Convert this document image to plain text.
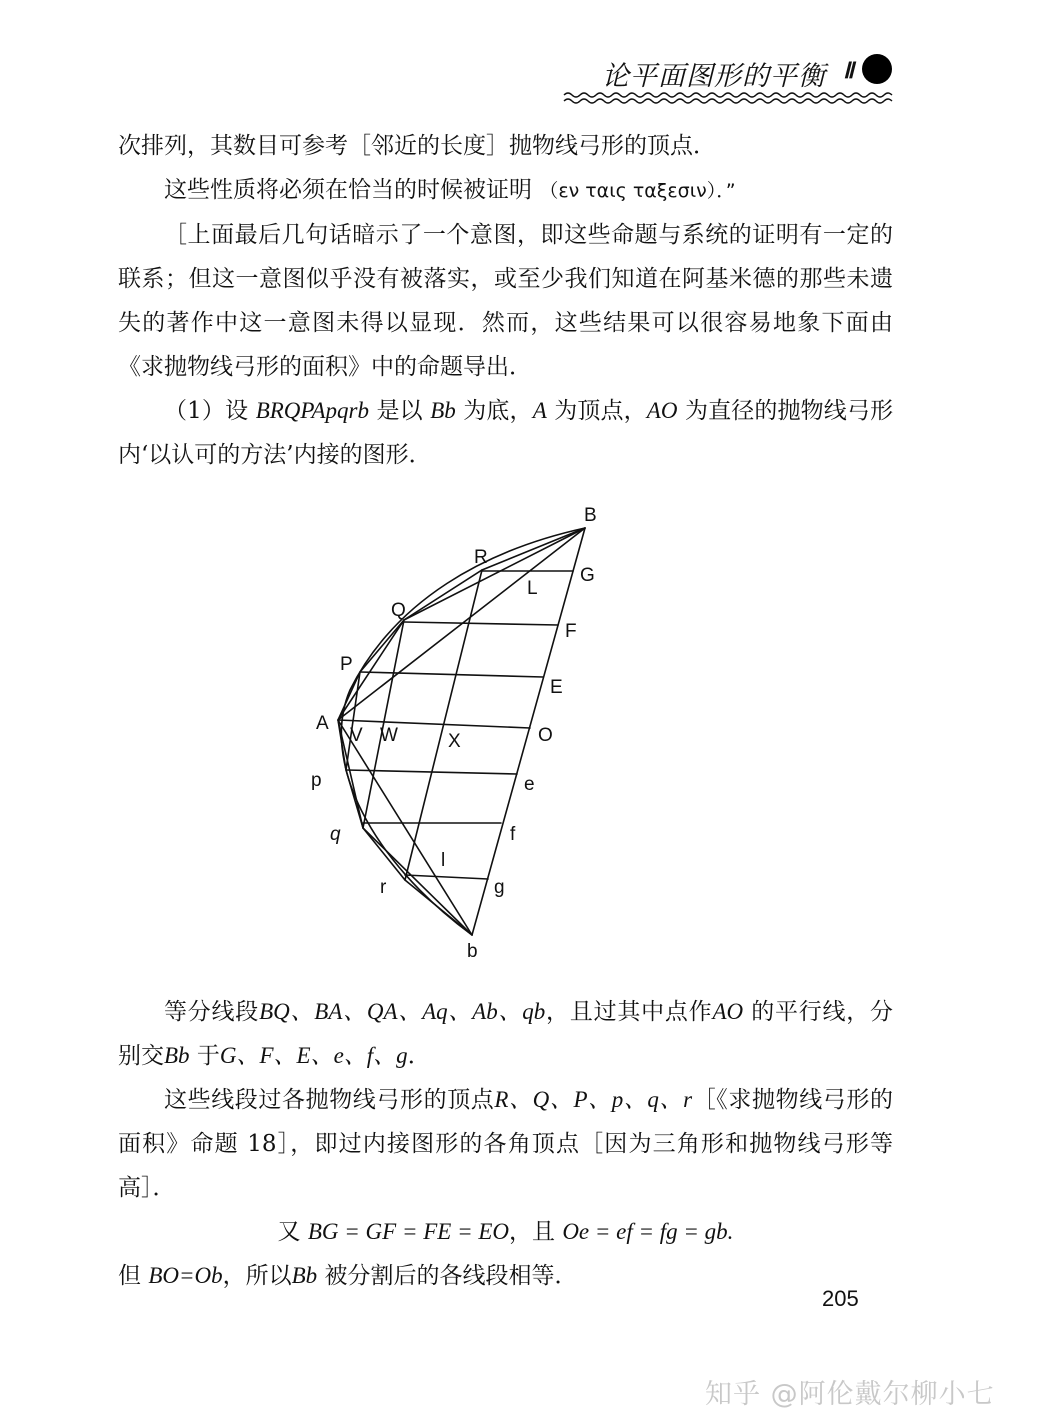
论平面图形的平衡 Ⅱ

次排列，其数目可参考［邻近的长度］抛物线弓形的顶点．

这些性质将必须在恰当的时候被证明 （εν ταις ταξεσιν）．”

［上面最后几句话暗示了一个意图，即这些命题与系统的证明有一定的联系；但这一意图似乎没有被落实，或至少我们知道在阿基米德的那些未遗失的著作中这一意图未得以显现．然而，这些结果可以很容易地象下面由《求抛物线弓形的面积》中的命题导出．

（1）设 BRQPApqrb 是以 Bb 为底，A 为顶点，AO 为直径的抛物线弓形内‘以认可的方法’内接的图形．

B
R
G
L
Q
F
P
E
A
V W	X	O
p	e
q	f
l
r	g
b

等分线段BQ、BA、QA、Aq、Ab、qb，且过其中点作AO 的平行线，分别交Bb 于G、F、E、e、f、g．

这些线段过各抛物线弓形的顶点R、Q、P、p、q、r［《求抛物线弓形的面积》命题 18］，即过内接图形的各角顶点［因为三角形和抛物线弓形等高］．

又 BG = GF = FE = EO，且 Oe = ef = fg = gb.

但 BO=Ob，所以Bb 被分割后的各线段相等．

205
知乎 @阿伦戴尔柳小七
